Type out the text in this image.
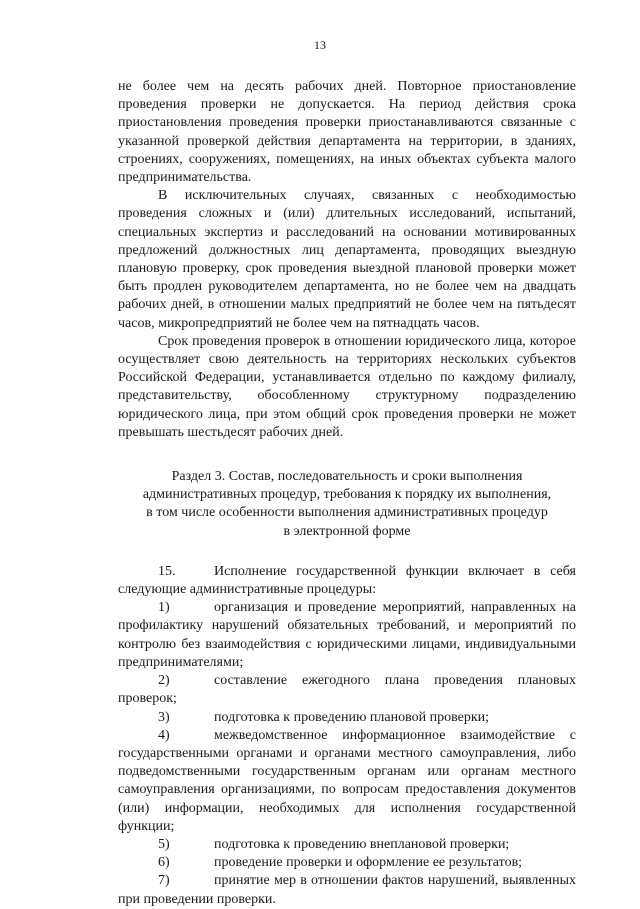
13

не более чем на десять рабочих дней. Повторное приостановление проведения проверки не допускается. На период действия срока приостановления проведения проверки приостанавливаются связанные с указанной проверкой действия департамента на территории, в зданиях, строениях, сооружениях, помещениях, на иных объектах субъекта малого предпринимательства.

В исключительных случаях, связанных с необходимостью проведения сложных и (или) длительных исследований, испытаний, специальных экспертиз и расследований на основании мотивированных предложений должностных лиц департамента, проводящих выездную плановую проверку, срок проведения выездной плановой проверки может быть продлен руководителем департамента, но не более чем на двадцать рабочих дней, в отношении малых предприятий не более чем на пятьдесят часов, микропредприятий не более чем на пятнадцать часов.

Срок проведения проверок в отношении юридического лица, которое осуществляет свою деятельность на территориях нескольких субъектов Российской Федерации, устанавливается отдельно по каждому филиалу, представительству, обособленному структурному подразделению юридического лица, при этом общий срок проведения проверки не может превышать шестьдесят рабочих дней.

Раздел 3. Состав, последовательность и сроки выполнения
административных процедур, требования к порядку их выполнения,
в том числе особенности выполнения административных процедур
в электронной форме

15.	Исполнение государственной функции включает в себя следующие административные процедуры:

1)	организация и проведение мероприятий, направленных на профилактику нарушений обязательных требований, и мероприятий по контролю без взаимодействия с юридическими лицами, индивидуальными предпринимателями;

2)	составление ежегодного плана проведения плановых проверок;

3)	подготовка к проведению плановой проверки;

4)	межведомственное информационное взаимодействие с государственными органами и органами местного самоуправления, либо подведомственными государственным органам или органам местного самоуправления организациями, по вопросам предоставления документов (или) информации, необходимых для исполнения государственной функции;

5)	подготовка к проведению внеплановой проверки;

6)	проведение проверки и оформление ее результатов;

7)	принятие мер в отношении фактов нарушений, выявленных при проведении проверки.
